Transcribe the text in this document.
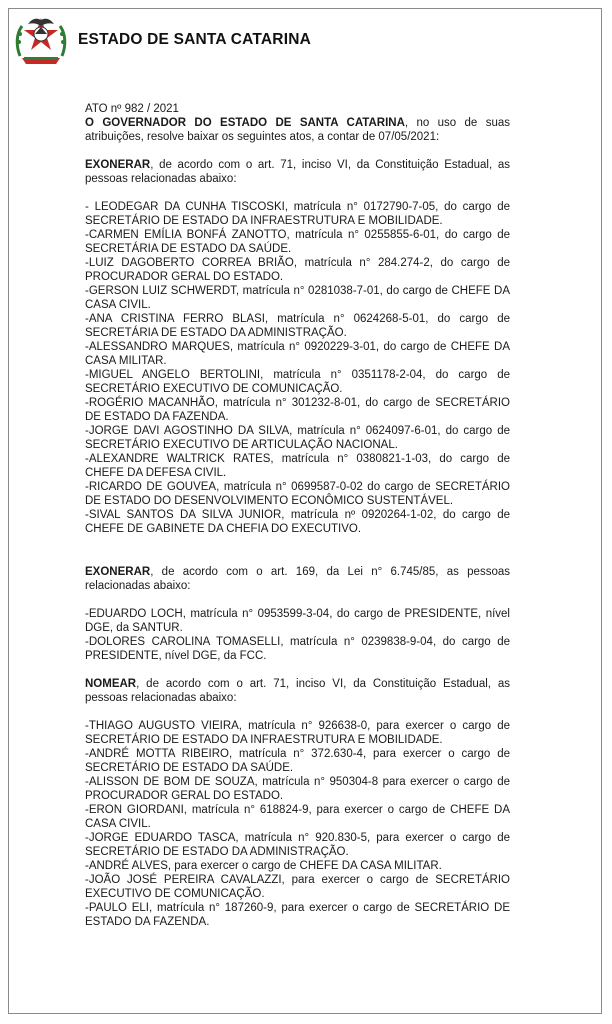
ESTADO DE SANTA CATARINA

ATO nº 982 / 2021

O GOVERNADOR DO ESTADO DE SANTA CATARINA, no uso de suas atribuições, resolve baixar os seguintes atos, a contar de 07/05/2021:

EXONERAR, de acordo com o art. 71, inciso VI, da Constituição Estadual, as pessoas relacionadas abaixo:

- LEODEGAR DA CUNHA TISCOSKI, matrícula n° 0172790-7-05, do cargo de SECRETÁRIO DE ESTADO DA INFRAESTRUTURA E MOBILIDADE.

-CARMEN EMÍLIA BONFÁ ZANOTTO, matrícula n° 0255855-6-01, do cargo de SECRETÁRIA DE ESTADO DA SAÚDE.

-LUIZ DAGOBERTO CORREA BRIÃO, matrícula n° 284.274-2, do cargo de PROCURADOR GERAL DO ESTADO.

-GERSON LUIZ SCHWERDT, matrícula n° 0281038-7-01, do cargo de CHEFE DA CASA CIVIL.

-ANA CRISTINA FERRO BLASI, matrícula n° 0624268-5-01, do cargo de SECRETÁRIA DE ESTADO DA ADMINISTRAÇÃO.

-ALESSANDRO MARQUES, matrícula n° 0920229-3-01, do cargo de CHEFE DA CASA MILITAR.

-MIGUEL ANGELO BERTOLINI, matrícula n° 0351178-2-04, do cargo de SECRETÁRIO EXECUTIVO DE COMUNICAÇÃO.

-ROGÉRIO MACANHÃO, matrícula n° 301232-8-01, do cargo de SECRETÁRIO DE ESTADO DA FAZENDA.

-JORGE DAVI AGOSTINHO DA SILVA, matrícula n° 0624097-6-01, do cargo de SECRETÁRIO EXECUTIVO DE ARTICULAÇÃO NACIONAL.

-ALEXANDRE WALTRICK RATES, matrícula n° 0380821-1-03, do cargo de CHEFE DA DEFESA CIVIL.

-RICARDO DE GOUVEA, matrícula n° 0699587-0-02 do cargo de SECRETÁRIO DE ESTADO DO DESENVOLVIMENTO ECONÔMICO SUSTENTÁVEL.

-SIVAL SANTOS DA SILVA JUNIOR, matrícula nº 0920264-1-02, do cargo de CHEFE DE GABINETE DA CHEFIA DO EXECUTIVO.

EXONERAR, de acordo com o art. 169, da Lei n° 6.745/85, as pessoas relacionadas abaixo:

-EDUARDO LOCH, matrícula n° 0953599-3-04, do cargo de PRESIDENTE, nível DGE, da SANTUR.

-DOLORES CAROLINA TOMASELLI, matrícula n° 0239838-9-04, do cargo de PRESIDENTE, nível DGE, da FCC.

NOMEAR, de acordo com o art. 71, inciso VI, da Constituição Estadual, as pessoas relacionadas abaixo:

-THIAGO AUGUSTO VIEIRA, matrícula n° 926638-0, para exercer o cargo de SECRETÁRIO DE ESTADO DA INFRAESTRUTURA E MOBILIDADE.

-ANDRÉ MOTTA RIBEIRO, matrícula n° 372.630-4, para exercer o cargo de SECRETÁRIO DE ESTADO DA SAÚDE.

-ALISSON DE BOM DE SOUZA, matrícula n° 950304-8 para exercer o cargo de PROCURADOR GERAL DO ESTADO.

-ERON GIORDANI, matrícula n° 618824-9, para exercer o cargo de CHEFE DA CASA CIVIL.

-JORGE EDUARDO TASCA, matrícula n° 920.830-5, para exercer o cargo de SECRETÁRIO DE ESTADO DA ADMINISTRAÇÃO.

-ANDRÉ ALVES, para exercer o cargo de CHEFE DA CASA MILITAR.

-JOÃO JOSÉ PEREIRA CAVALAZZI, para exercer o cargo de SECRETÁRIO EXECUTIVO DE COMUNICAÇÃO.

-PAULO ELI, matrícula n° 187260-9, para exercer o cargo de SECRETÁRIO DE ESTADO DA FAZENDA.
